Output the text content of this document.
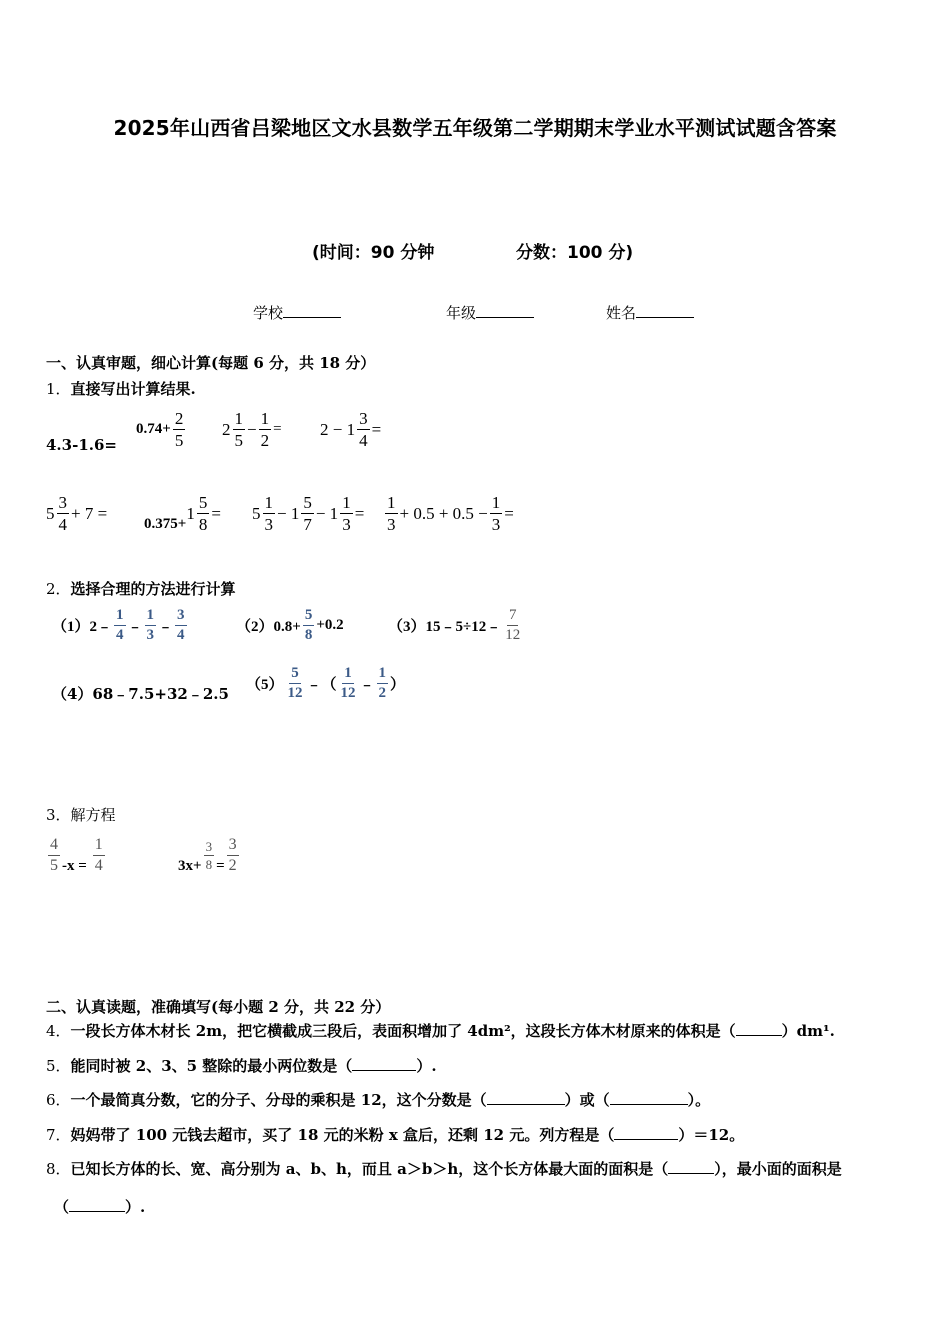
2025年山西省吕梁地区文水县数学五年级第二学期期末学业水平测试试题含答案
(时间：90 分钟	分数：100 分)
学校	年级	姓名
一、认真审题，细心计算(每题 6 分，共 18 分）
1．直接写出计算结果.
4.3-1.6=
$0.74+ \frac{2}{5} 2 \frac{1}{5} - \frac{1}{2} = 2 - 1 \frac{3}{4}$ =
$5 \frac{3}{4} + 7$ =
0.375+
$1 \frac{5}{8} = 5 \frac{1}{3} - 1 \frac{5}{7} - 1 \frac{1}{3} = \frac{1}{3} + 0.5 + 0.5 - \frac{1}{3}$ =
2．选择合理的方法进行计算
（1）2﹣ $\frac{1}{4}$ ﹣ $\frac{1}{3}$ ﹣ $\frac{3}{4}$	$(2)0.8+ \frac{5}{8} +0.2$	（3）15﹣5÷12﹣ $\frac{7}{12}$
（4）68﹣7.5+32﹣2.5 $(5) \frac{5}{12}$ ﹣（ $\frac{1}{12}$ ﹣ $\frac{1}{2}$ ）
3．解方程
$\frac{4}{5} -x = \frac{1}{4}$	$3x+ \frac{3}{8} = \frac{3}{2}$
二、认真读题，准确填写(每小题 2 分，共 22 分）
4．一段长方体木材长 2m，把它横截成三段后，表面积增加了 4dm²，这段长方体木材原来的体积是（	）dm¹.
5．能同时被 2、3、5 整除的最小两位数是（	）.
6．一个最简真分数，它的分子、分母的乘积是 12，这个分数是（	）或（	）。
7．妈妈带了 100 元钱去超市，买了 18 元的米粉 x 盒后，还剩 12 元。列方程是（	）＝12。
8．已知长方体的长、宽、高分别为 a、b、h，而且 a＞b＞h，这个长方体最大面的面积是（	），最小面的面积是
（	）.
